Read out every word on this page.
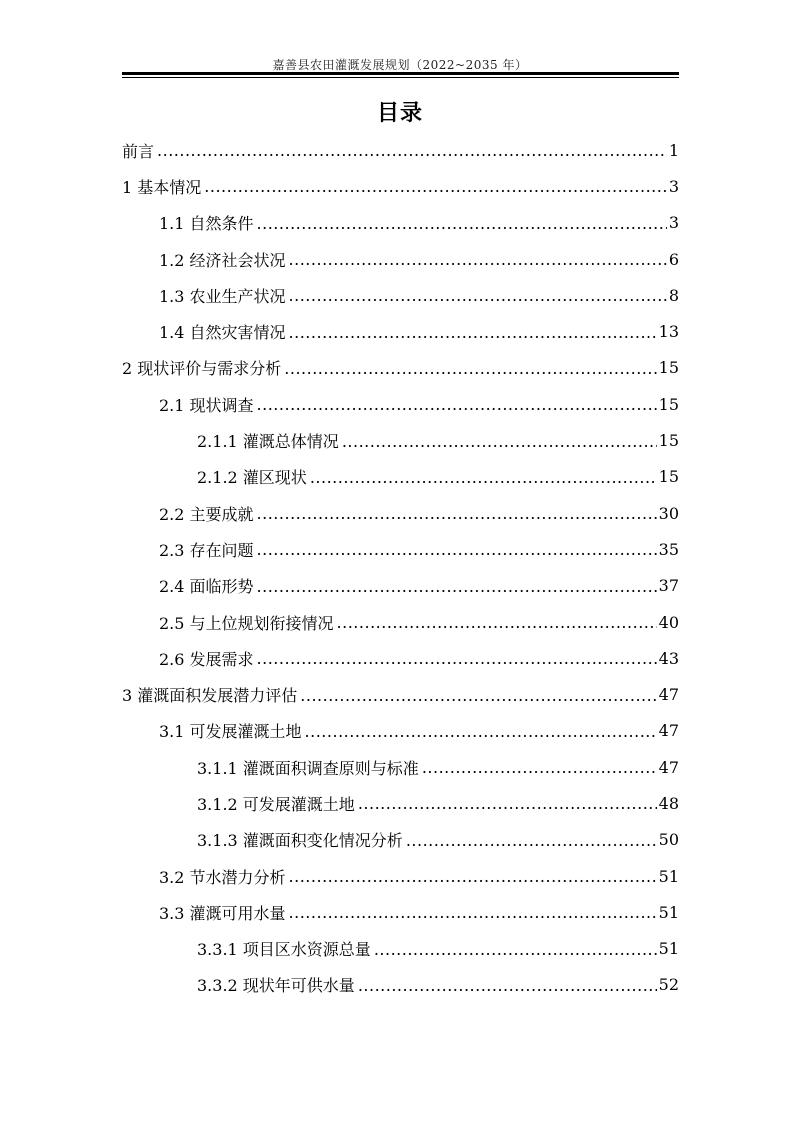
嘉善县农田灌溉发展规划（2022~2035 年）
目录
前言 .....	1
1 基本情况 .....	3
1.1 自然条件 .....	3
1.2 经济社会状况 .....	6
1.3 农业生产状况 .....	8
1.4 自然灾害情况 .....	13
2 现状评价与需求分析 .....	15
2.1 现状调查 .....	15
2.1.1 灌溉总体情况 .....	15
2.1.2 灌区现状 .....	15
2.2 主要成就 .....	30
2.3 存在问题 .....	35
2.4 面临形势 .....	37
2.5 与上位规划衔接情况 .....	40
2.6 发展需求 .....	43
3 灌溉面积发展潜力评估 .....	47
3.1 可发展灌溉土地 .....	47
3.1.1 灌溉面积调查原则与标准 .....	47
3.1.2 可发展灌溉土地 .....	48
3.1.3 灌溉面积变化情况分析 .....	50
3.2 节水潜力分析 .....	51
3.3 灌溉可用水量 .....	51
3.3.1 项目区水资源总量 .....	51
3.3.2 现状年可供水量 .....	52
